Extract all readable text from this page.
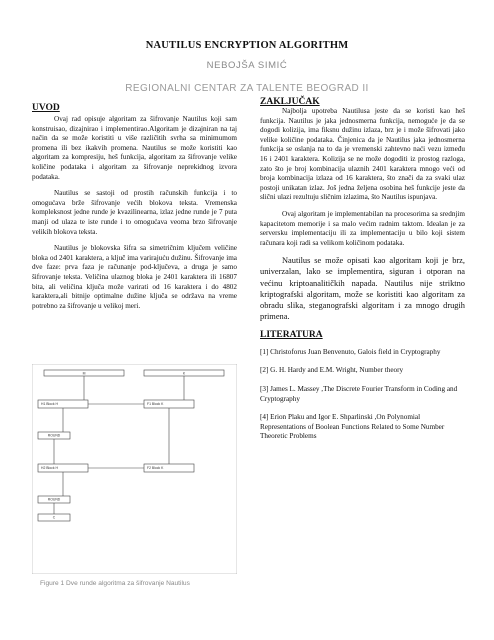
NAUTILUS ENCRYPTION ALGORITHM
NEBOJŠA SIMIĆ
REGIONALNI CENTAR ZA TALENTE BEOGRAD II
UVOD

Ovaj rad opisuje algoritam za šifrovanje Nautilus koji sam konstruisao, dizajnirao i implementirao.Algoritam je dizajniran na taj način da se može koristiti u više različitih svrha sa minimumom promena ili bez ikakvih promena. Nautilus se može koristiti kao algoritam za kompresiju, heš funkcija, algoritam za šifrovanje velike količine podataka i algoritam za šifrovanje neprekidnog izvora podataka.

Nautilus se sastoji od prostih računskih funkcija i to omogućava brže šifrovanje većih blokova teksta. Vremenska kompleksnost jedne runde je kvazilinearna, izlaz jedne runde je 7 puta manji od ulaza te iste runde i to omogućava veoma brzo šifrovanje velikih blokova teksta.

Nautilus je blokovska šifra sa simetričnim ključem veličine bloka od 2401 karaktera, a ključ ima varirajuću dužinu. Šifrovanje ima dve faze: prva faza je računanje pod-ključeva, a druga je samo šifrovanje teksta. Veličina ulaznog bloka je 2401 karaktera ili 16807 bita, ali veličina ključa može varirati od 16 karaktera i do 4802 karaktera,ali bitnije optimalne dužine ključa se održava na vreme potrebno za šifrovanje u velikoj meri.

M	K
H1 Block H	F1 Block K
ROUND
H2 Block H	F2 Block K
ROUND
C
Figure 1 Dve runde algoritma za šifrovanje Nautilus
ZAKLJUČAK

Najbolja upotreba Nautilusa jeste da se koristi kao heš funkcija. Nautilus je jaka jednosmerna funkcija, nemoguće je da se dogodi kolizija, ima fiksnu dužinu izlaza, brz je i može šifrovati jako velike količine podataka. Činjenica da je Nautilus jaka jednosmerna funkcija se oslanja na to da je vremenski zahtevno naći vezu između 16 i 2401 karaktera. Kolizija se ne može dogoditi iz prostog razloga, zato što je broj kombinacija ulaznih 2401 karaktera mnogo veći od broja kombinacija izlaza od 16 karaktera, što znači da za svaki ulaz postoji unikatan izlaz. Još jedna željena osobina heš funkcije jeste da slični ulazi rezultuju sličnim izlazima, što Nautilus ispunjava.

Ovaj algoritam je implementabilan na procesorima sa srednjim kapacitetom memorije i sa malo većim radnim taktom. Idealan je za serversku implementaciju ili za implementaciju u bilo koji sistem računara koji radi sa velikom količinom podataka.

Nautilus se može opisati kao algoritam koji je brz, univerzalan, lako se implementira, siguran i otporan na većinu kriptoanalitičkih napada. Nautilus nije striktno kriptografski algoritam, može se koristiti kao algoritam za obradu slika, steganografski algoritam i za mnogo drugih primena.

LITERATURA
[1] Christoforus Juan Benvenuto, Galois field in Cryptography
[2] G. H. Hardy and E.M. Wright, Number theory
[3] James L. Massey ,The Discrete Fourier Transform in Coding and Cryptography
[4] Erion Plaku and Igor E. Shparlinski ,On Polynomial Representations of Boolean Functions Related to Some Number Theoretic Problems
